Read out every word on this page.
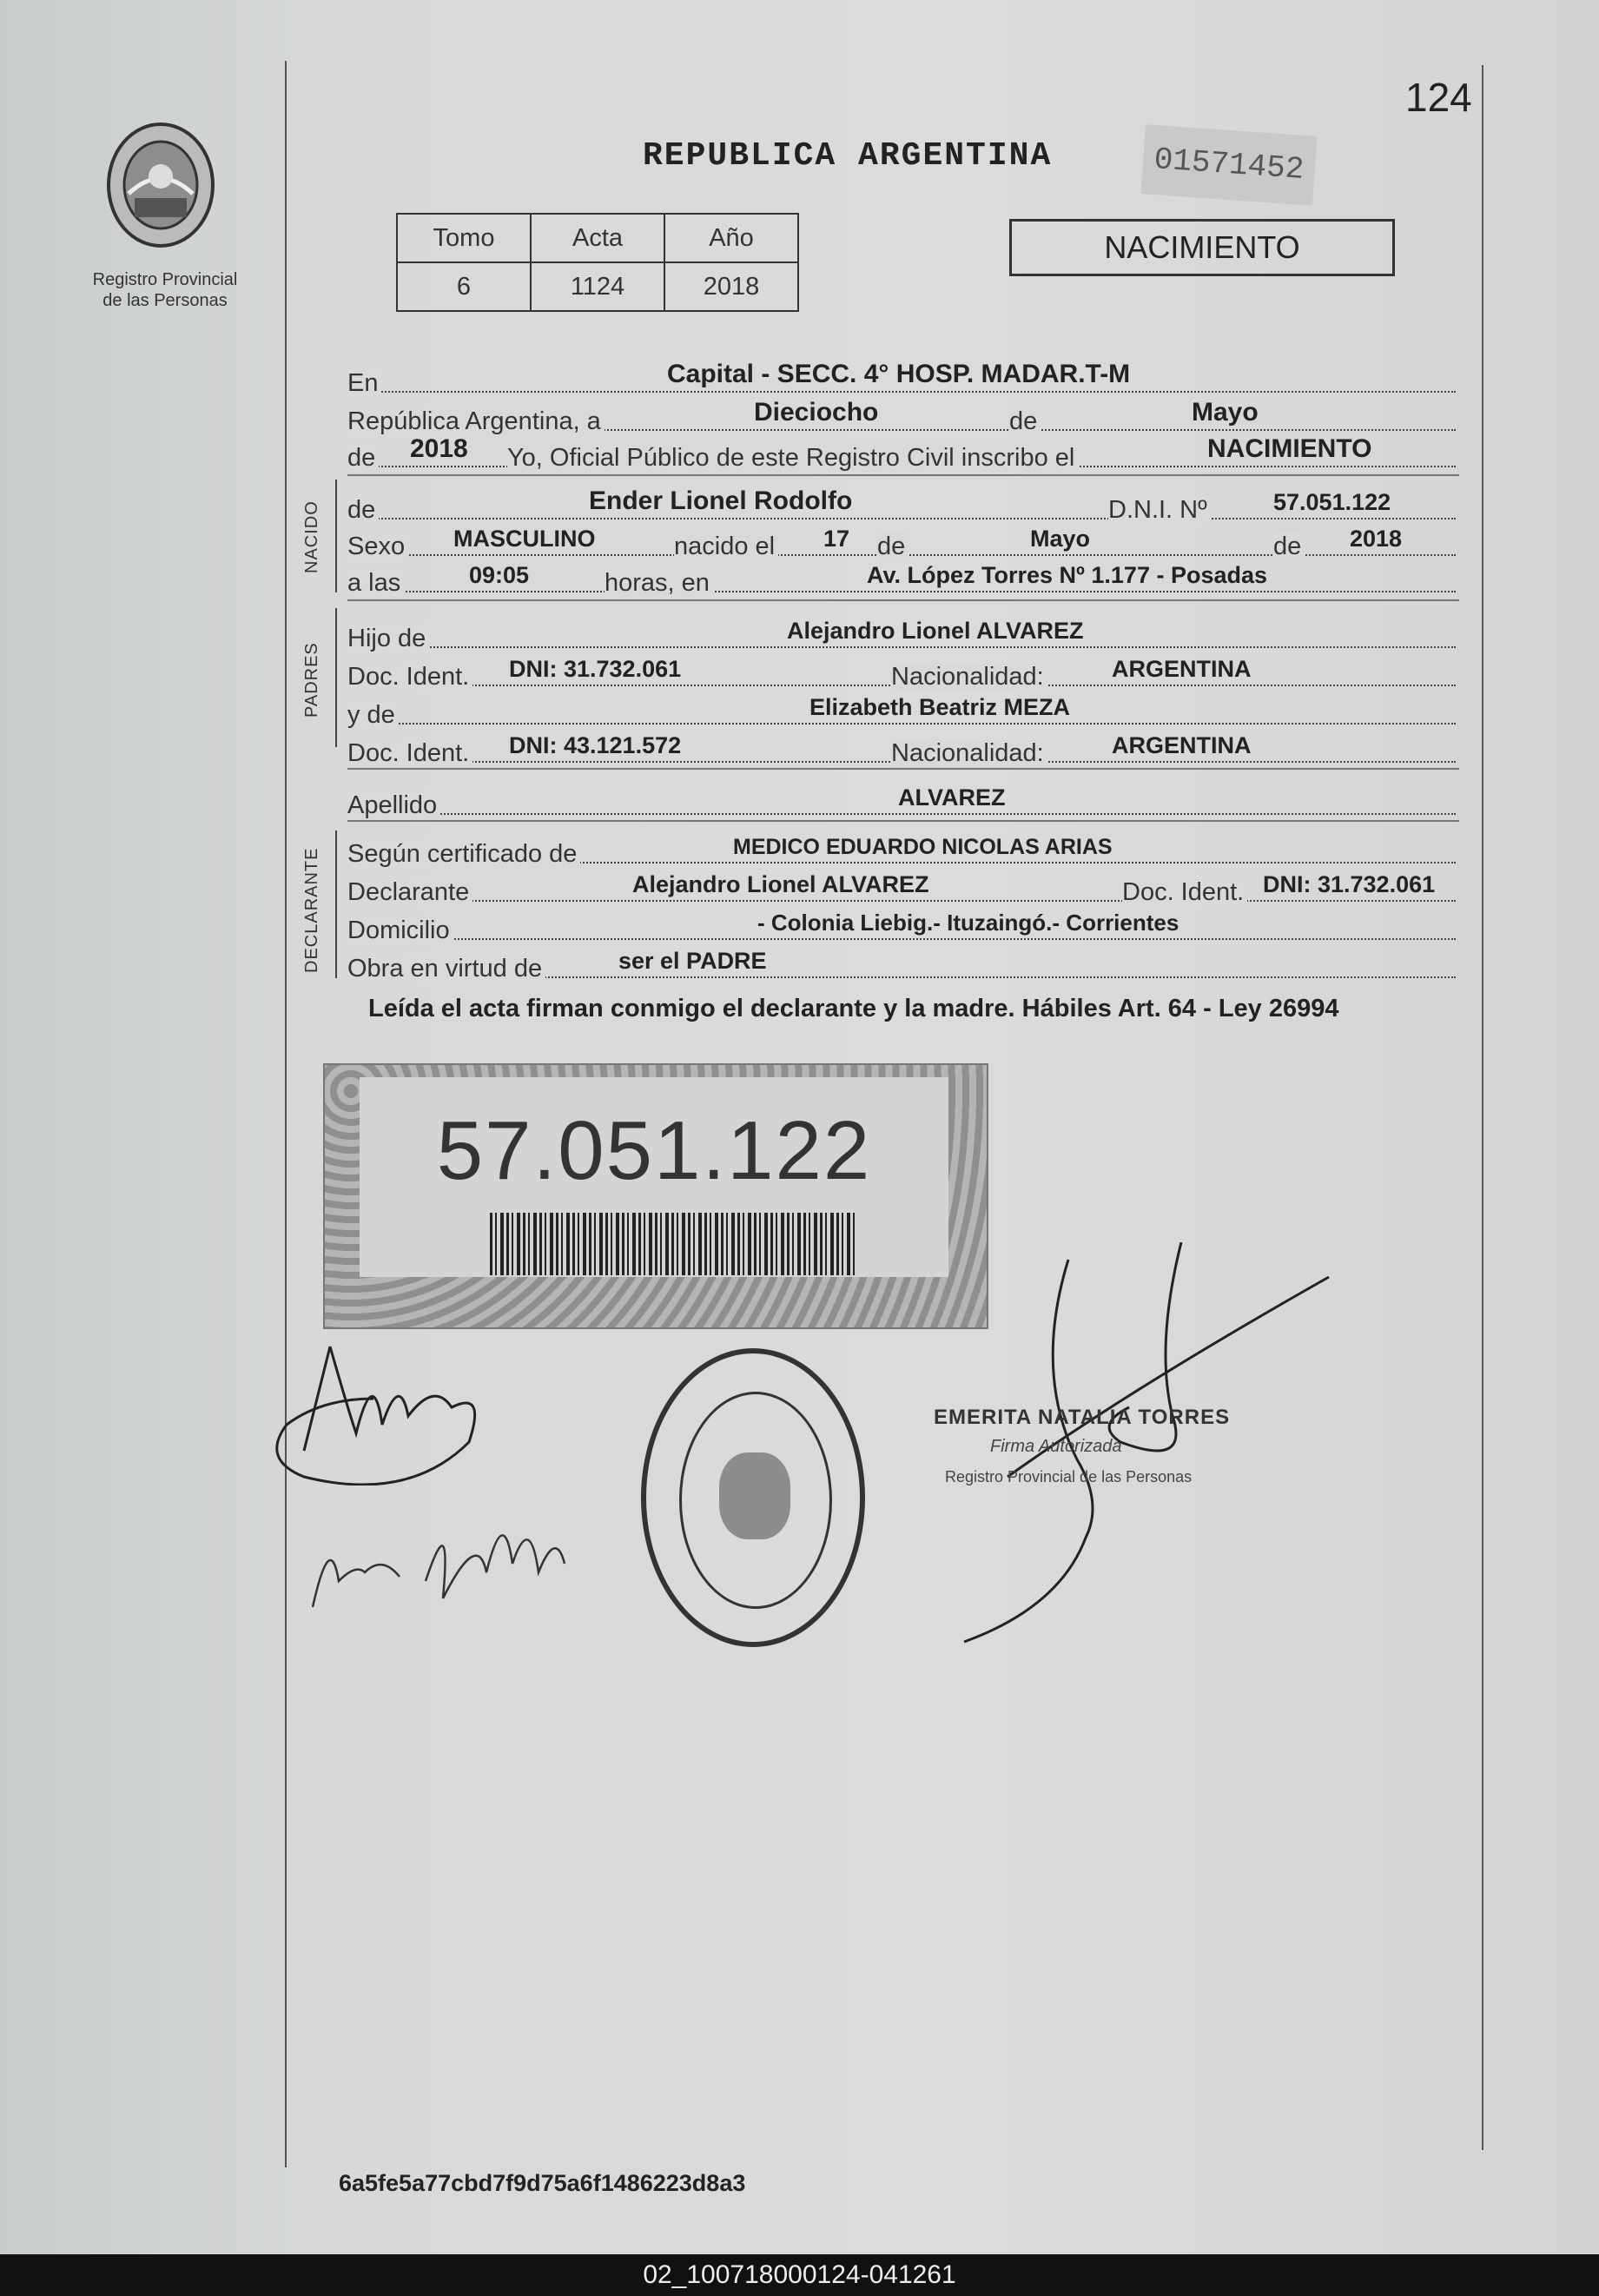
Registro Provincial
de las Personas
124
REPUBLICA ARGENTINA	01571452
Tomo	Acta	Año
6	1124	2018
NACIMIENTO
En	Capital - SECC. 4° HOSP. MADAR.T-M
República Argentina, a	Dieciocho	de	Mayo
de 2018 Yo, Oficial Público de este Registro Civil inscribo el	NACIMIENTO
NACIDO de	Ender Lionel Rodolfo	D.N.I. Nº	57.051.122
Sexo MASCULINO	nacido el 17 de	Mayo	de 2018
a las	09:05	horas, en	Av. López Torres Nº 1.177 - Posadas
PADRES
Hijo de	Alejandro Lionel ALVAREZ
Doc. Ident. DNI: 31.732.061	Nacionalidad:	ARGENTINA
y de	Elizabeth Beatriz MEZA
Doc. Ident. DNI: 43.121.572	Nacionalidad:	ARGENTINA
Apellido	ALVAREZ
DECLARANTE Según certificado de	MEDICO EDUARDO NICOLAS ARIAS
Declarante	Alejandro Lionel ALVAREZ	Doc. Ident. DNI: 31.732.061
Domicilio	- Colonia Liebig.- Ituzaingó.- Corrientes
Obra en virtud de	ser el PADRE
Leída el acta firman conmigo el declarante y la madre. Hábiles Art. 64 - Ley 26994
57.051.122
EMERITA NATALIA TORRES
Firma Autorizada
Registro Provincial de las Personas
6a5fe5a77cbd7f9d75a6f1486223d8a3
02_100718000124-041261
